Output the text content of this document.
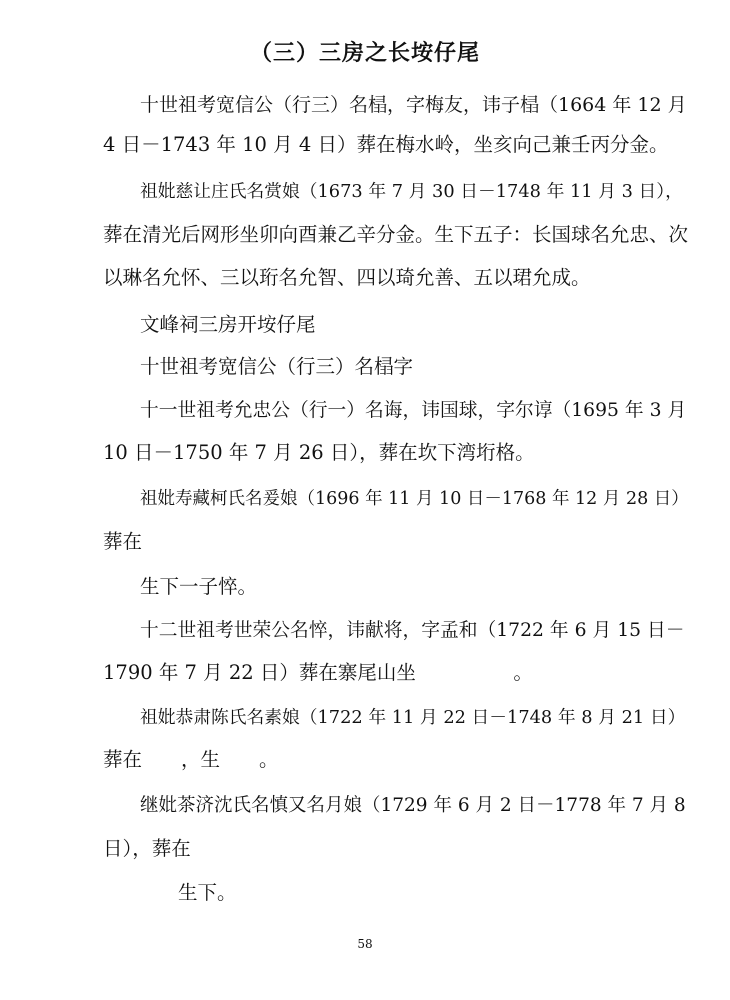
（三）三房之长垵仔尾
十世祖考宽信公（行三）名榋，字梅友，讳子榋（1664 年 12 月
4 日－1743 年 10 月 4 日）葬在梅水岭，坐亥向己兼壬丙分金。
祖妣慈让庄氏名赏娘（1673 年 7 月 30 日－1748 年 11 月 3 日），
葬在清光后网形坐卯向酉兼乙辛分金。生下五子：长国球名允忠、次
以琳名允怀、三以珩名允智、四以琦允善、五以珺允成。
文峰祠三房开垵仔尾
十世祖考宽信公（行三）名榋字
十一世祖考允忠公（行一）名诲，讳国球，字尔谆（1695 年 3 月
10 日－1750 年 7 月 26 日），葬在坎下湾垳格。
祖妣寿藏柯氏名爰娘（1696 年 11 月 10 日－1768 年 12 月 28 日）
葬在
生下一子悴。
十二世祖考世荣公名悴，讳献将，字孟和（1722 年 6 月 15 日－
1790 年 7 月 22 日）葬在寨尾山坐　　　　　。
祖妣恭肃陈氏名素娘（1722 年 11 月 22 日－1748 年 8 月 21 日）
葬在　　，生　　。
继妣茶济沈氏名慎又名月娘（1729 年 6 月 2 日－1778 年 7 月 8
日），葬在
生下。
58
